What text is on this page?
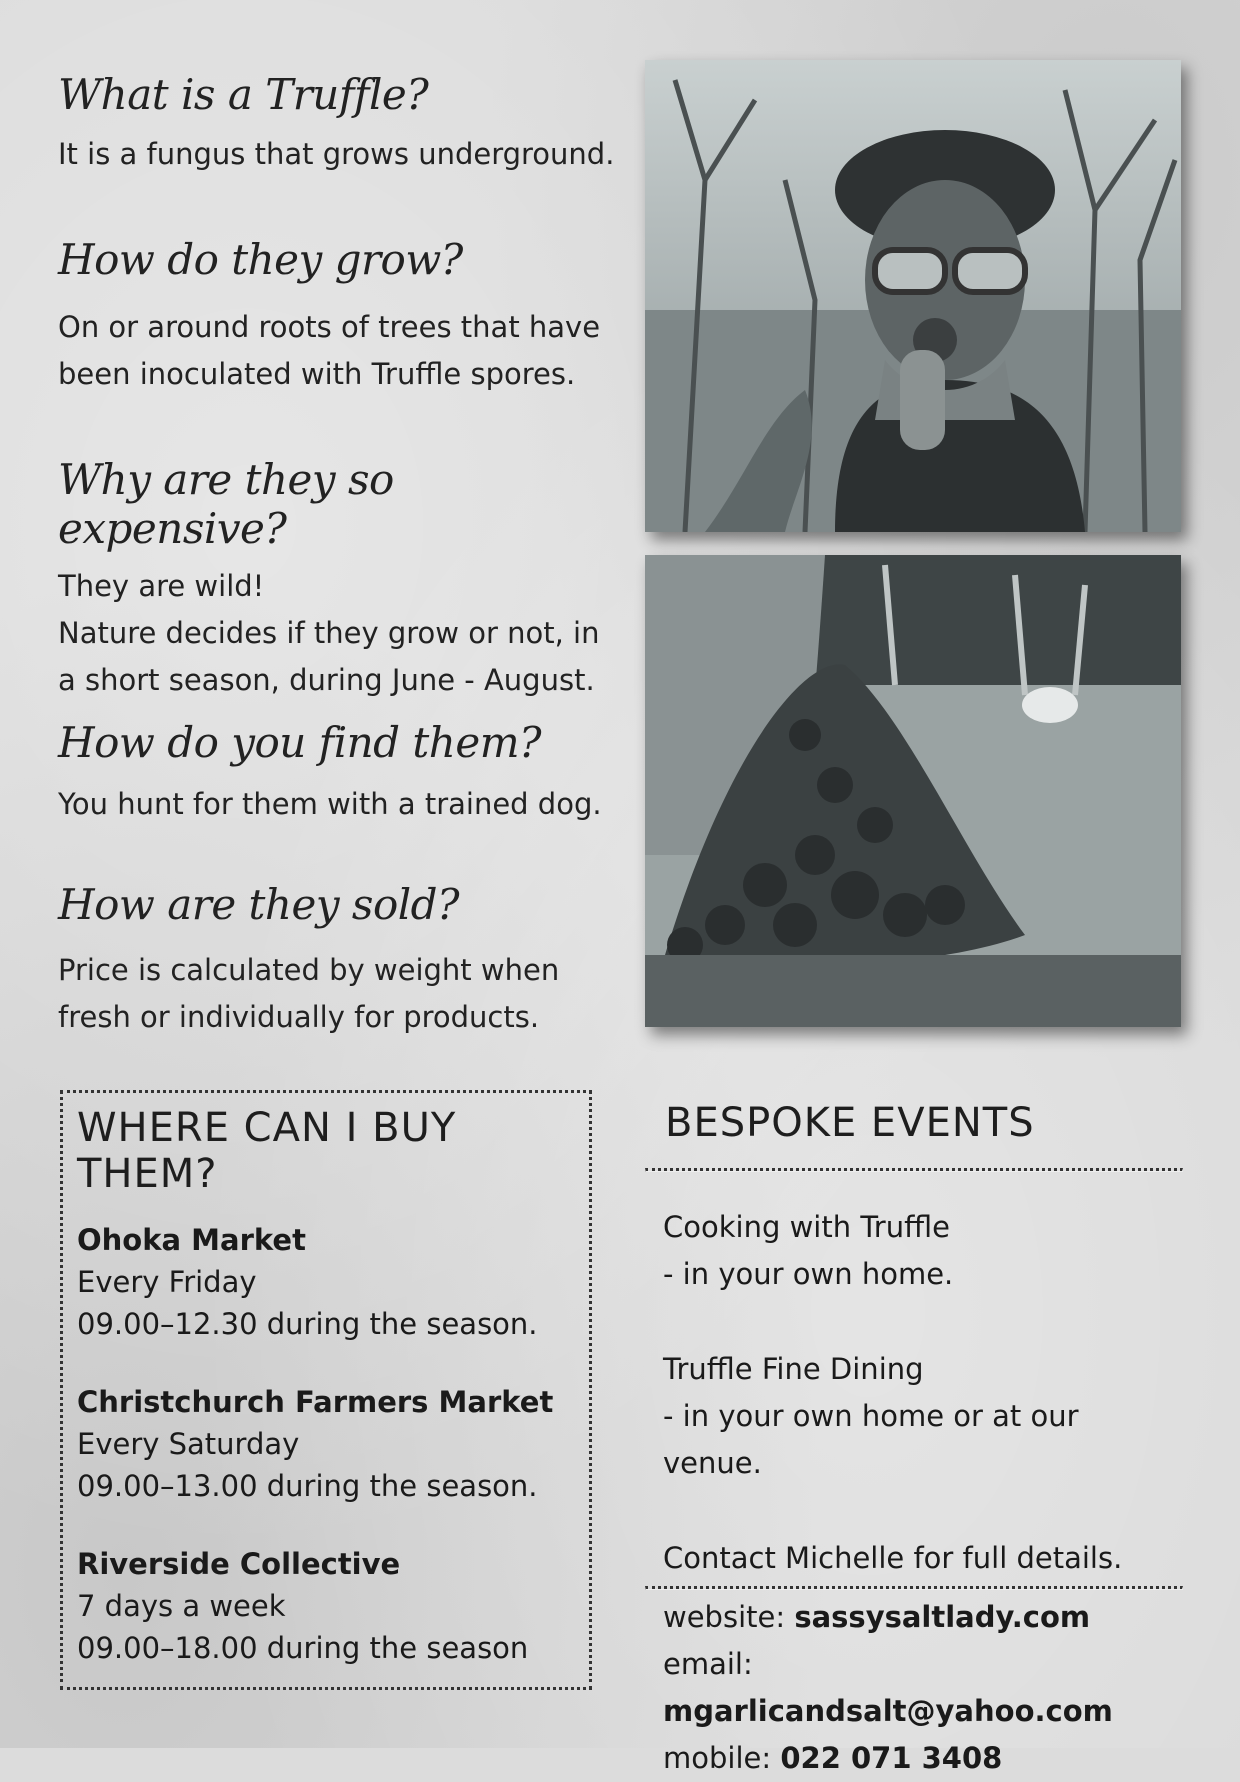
What is a Truffle?

It is a fungus that grows underground.

How do they grow?

On or around roots of trees that have

been inoculated with Truffle spores.

Why are they so expensive?

They are wild!

Nature decides if they grow or not, in

a short season, during June - August.

How do you find them?

You hunt for them with a trained dog.

How are they sold?

Price is calculated by weight when

fresh or individually for products.

WHERE CAN I BUY THEM?
Ohoka Market
Every Friday
09.00–12.30 during the season.
Christchurch Farmers Market
Every Saturday
09.00–13.00 during the season.
Riverside Collective
7 days a week
09.00–18.00 during the season
BESPOKE EVENTS
Cooking with Truffle
- in your own home.
Truffle Fine Dining
- in your own home or at our venue.
Contact Michelle for full details.
website: sassysaltlady.com
email: mgarlicandsalt@yahoo.com
mobile: 022 071 3408
